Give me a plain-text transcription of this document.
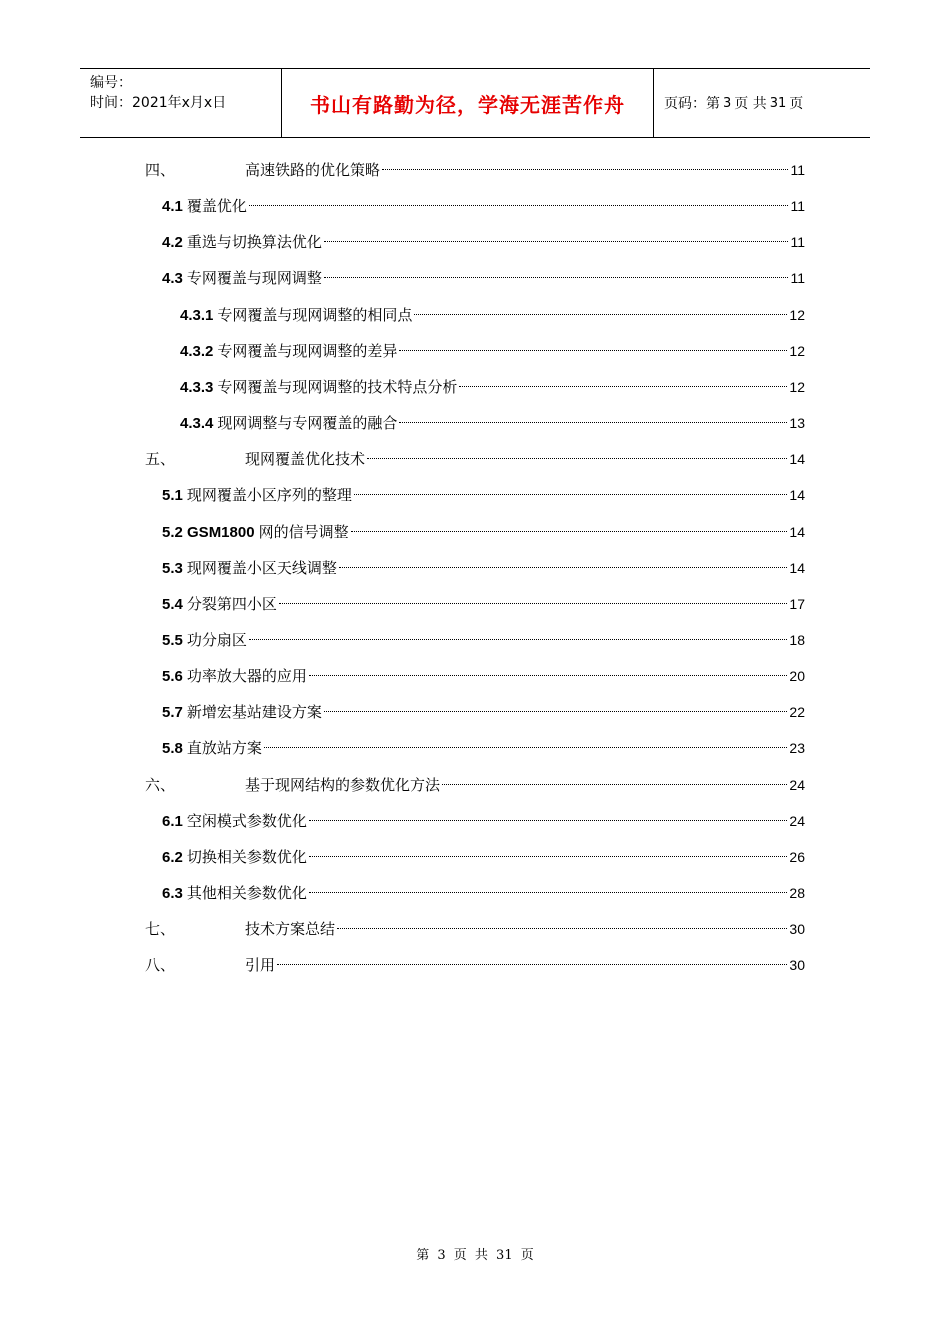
编号：
时间：2021年x月x日	书山有路勤为径，学海无涯苦作舟	页码：第 3 页 共 31 页
四、	高速铁路的优化策略	11
4.1 覆盖优化	11
4.2 重选与切换算法优化	11
4.3 专网覆盖与现网调整	11
4.3.1 专网覆盖与现网调整的相同点	12
4.3.2 专网覆盖与现网调整的差异	12
4.3.3 专网覆盖与现网调整的技术特点分析	12
4.3.4 现网调整与专网覆盖的融合	13
五、	现网覆盖优化技术	14
5.1 现网覆盖小区序列的整理	14
5.2 GSM1800 网的信号调整	14
5.3 现网覆盖小区天线调整	14
5.4 分裂第四小区	17
5.5 功分扇区	18
5.6 功率放大器的应用	20
5.7 新增宏基站建设方案	22
5.8 直放站方案	23
六、	基于现网结构的参数优化方法	24
6.1 空闲模式参数优化	24
6.2 切换相关参数优化	26
6.3 其他相关参数优化	28
七、	技术方案总结	30
八、	引用	30
第 3 页 共 31 页
